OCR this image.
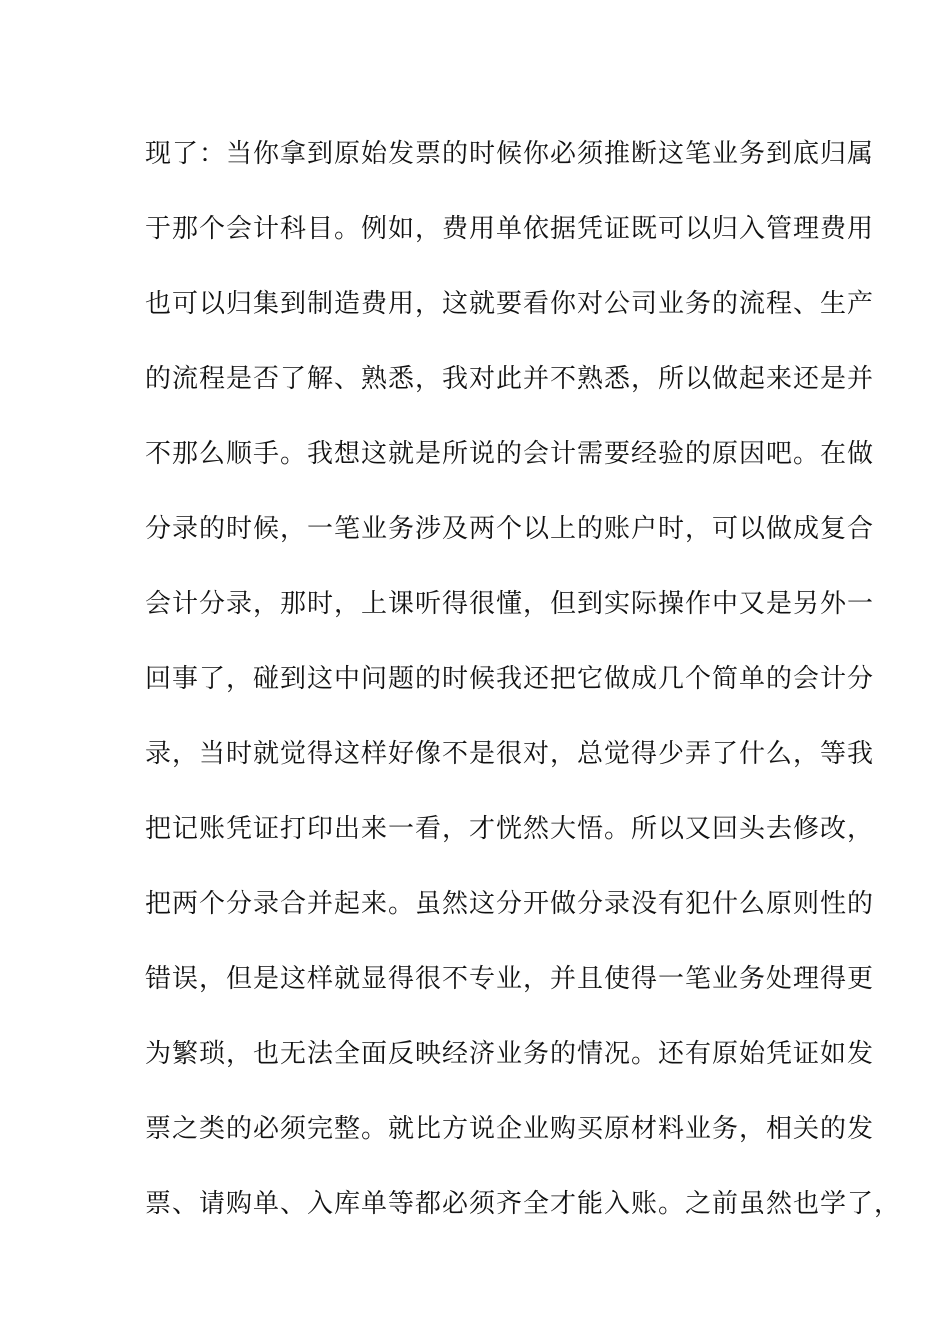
现了：当你拿到原始发票的时候你必须推断这笔业务到底归属
于那个会计科目。例如，费用单依据凭证既可以归入管理费用
也可以归集到制造费用，这就要看你对公司业务的流程、生产
的流程是否了解、熟悉，我对此并不熟悉，所以做起来还是并
不那么顺手。我想这就是所说的会计需要经验的原因吧。在做
分录的时候，一笔业务涉及两个以上的账户时，可以做成复合
会计分录，那时，上课听得很懂，但到实际操作中又是另外一
回事了，碰到这中问题的时候我还把它做成几个简单的会计分
录，当时就觉得这样好像不是很对，总觉得少弄了什么，等我
把记账凭证打印出来一看，才恍然大悟。所以又回头去修改，
把两个分录合并起来。虽然这分开做分录没有犯什么原则性的
错误，但是这样就显得很不专业，并且使得一笔业务处理得更
为繁琐，也无法全面反映经济业务的情况。还有原始凭证如发
票之类的必须完整。就比方说企业购买原材料业务，相关的发
票、请购单、入库单等都必须齐全才能入账。之前虽然也学了，
